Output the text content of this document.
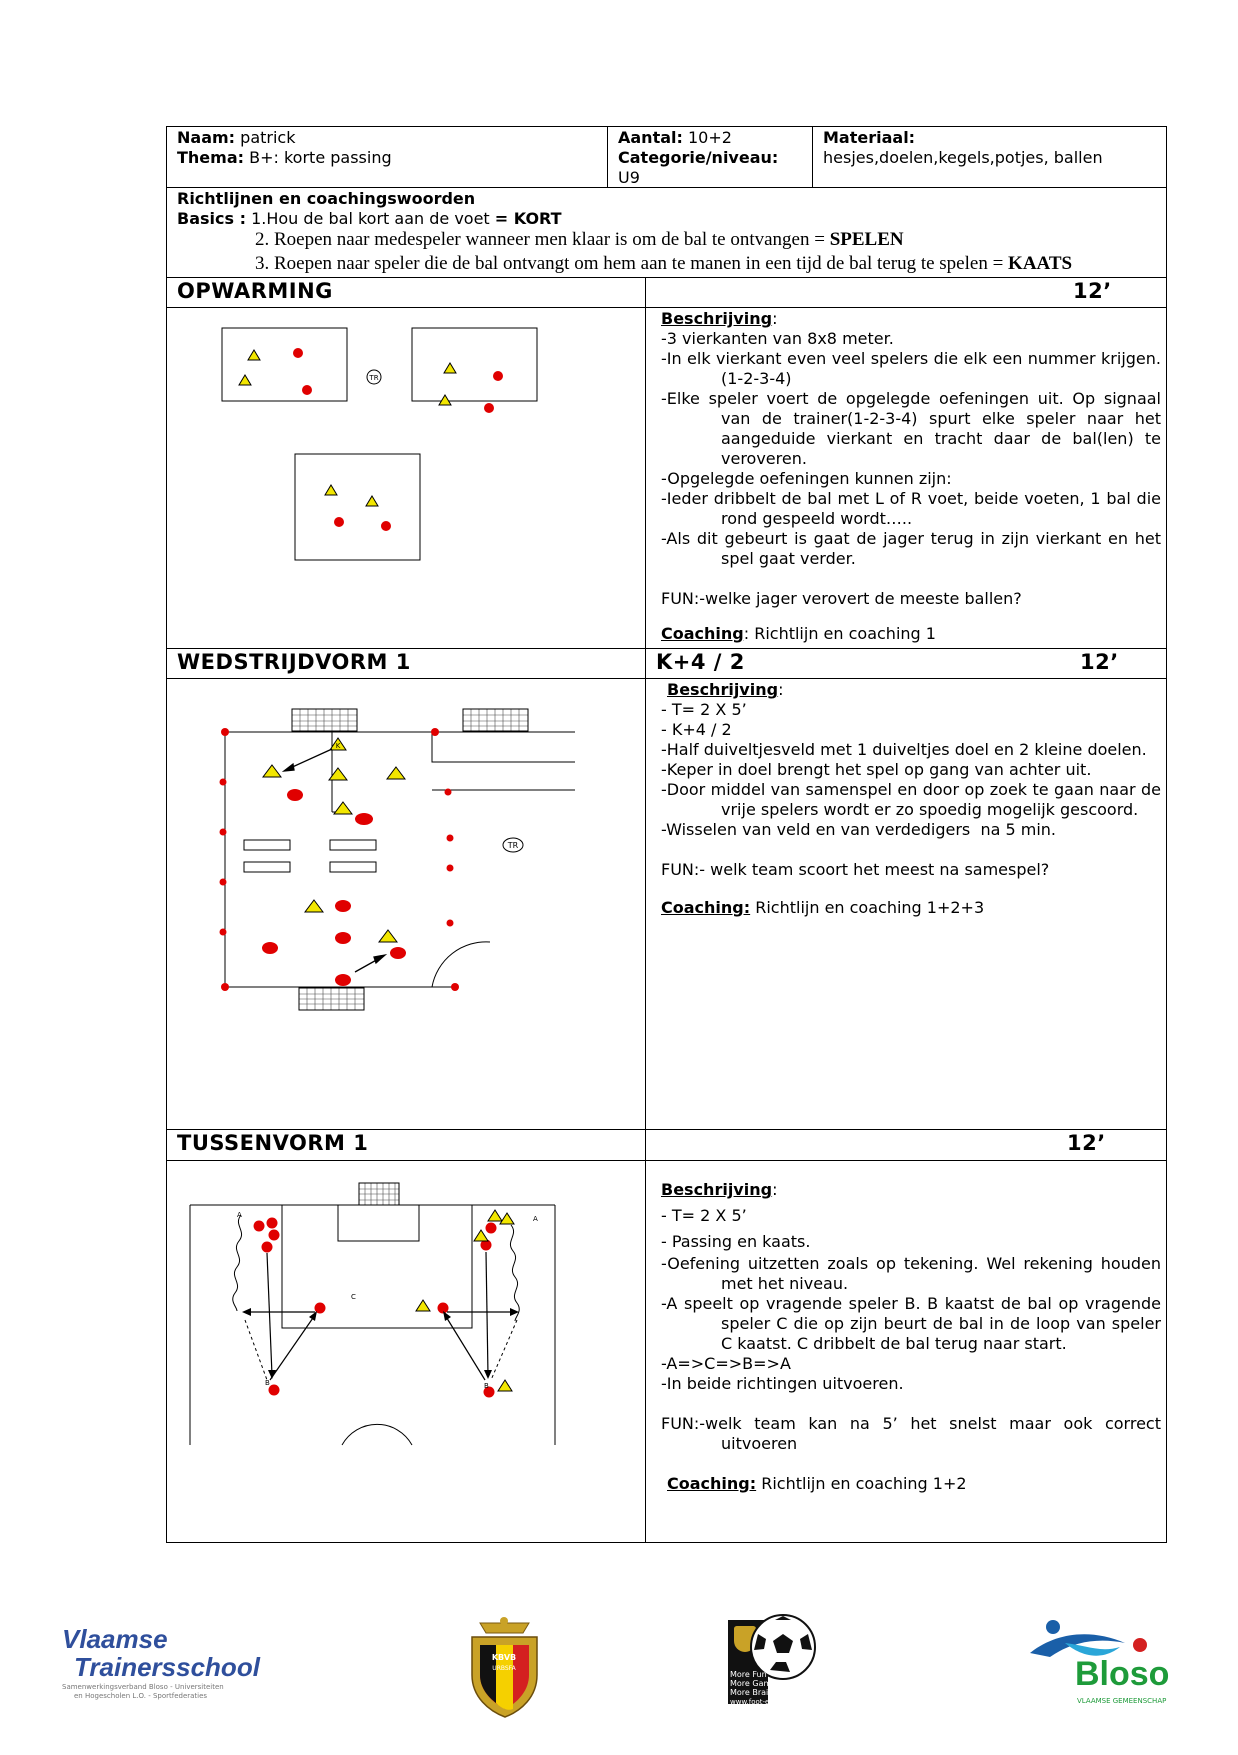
Naam: patrick
Thema: B+: korte passing
Aantal: 10+2
Categorie/niveau:
U9
Materiaal:
hesjes,doelen,kegels,potjes, ballen
Richtlijnen en coachingswoorden
Basics : 1.Hou de bal kort aan de voet = KORT
2. Roepen naar medespeler wanneer men klaar is om de bal te ontvangen = SPELEN
3. Roepen naar speler die de bal ontvangt om hem aan te manen in een tijd de bal terug te spelen = KAATS
OPWARMING	12’
TR

Beschrijving:

-3 vierkanten van 8x8 meter.

-In elk vierkant even veel spelers die elk een nummer krijgen. (1-2-3-4)

-Elke speler voert de opgelegde oefeningen uit. Op signaal van de trainer(1-2-3-4) spurt elke speler naar het aangeduide vierkant en tracht daar de bal(len) te veroveren.

-Opgelegde oefeningen kunnen zijn:

-Ieder dribbelt de bal met L of R voet, beide voeten, 1 bal die rond gespeeld wordt…..

-Als dit gebeurt is gaat de jager terug in zijn vierkant en het spel gaat verder.

FUN:-welke jager verovert de meeste ballen?

Coaching: Richtlijn en coaching 1

WEDSTRIJDVORM 1	K+4 / 2	12’
TR
K

Beschrijving:

- T= 2 X 5’

- K+4 / 2

-Half duiveltjesveld met 1 duiveltjes doel en 2 kleine doelen.

-Keper in doel brengt het spel op gang van achter uit.

-Door middel van samenspel en door op zoek te gaan naar de vrije spelers wordt er zo spoedig mogelijk gescoord.

-Wisselen van veld en van verdedigers  na 5 min.

FUN:- welk team scoort het meest na samespel?

Coaching: Richtlijn en coaching 1+2+3

TUSSENVORM 1	12’
A	A
B	B
C

Beschrijving:

- T= 2 X 5’

- Passing en kaats.

-Oefening uitzetten zoals op tekening. Wel rekening houden met het niveau.

-A speelt op vragende speler B. B kaatst de bal op vragende speler C die op zijn beurt de bal in de loop van speler C kaatst. C dribbelt de bal terug naar start.

-A=>C=>B=>A

-In beide richtingen uitvoeren.

FUN:-welk team kan na 5’ het snelst maar ook correct uitvoeren

Coaching: Richtlijn en coaching 1+2

Vlaamse
Trainersschool
Samenwerkingsverband Bloso - Universiteiten
en Hogescholen L.O. - Sportfederaties
KBVB
URBSFA
More Fun
More Games
More Brains
www.foot-education.be
Bloso
VLAAMSE GEMEENSCHAP
